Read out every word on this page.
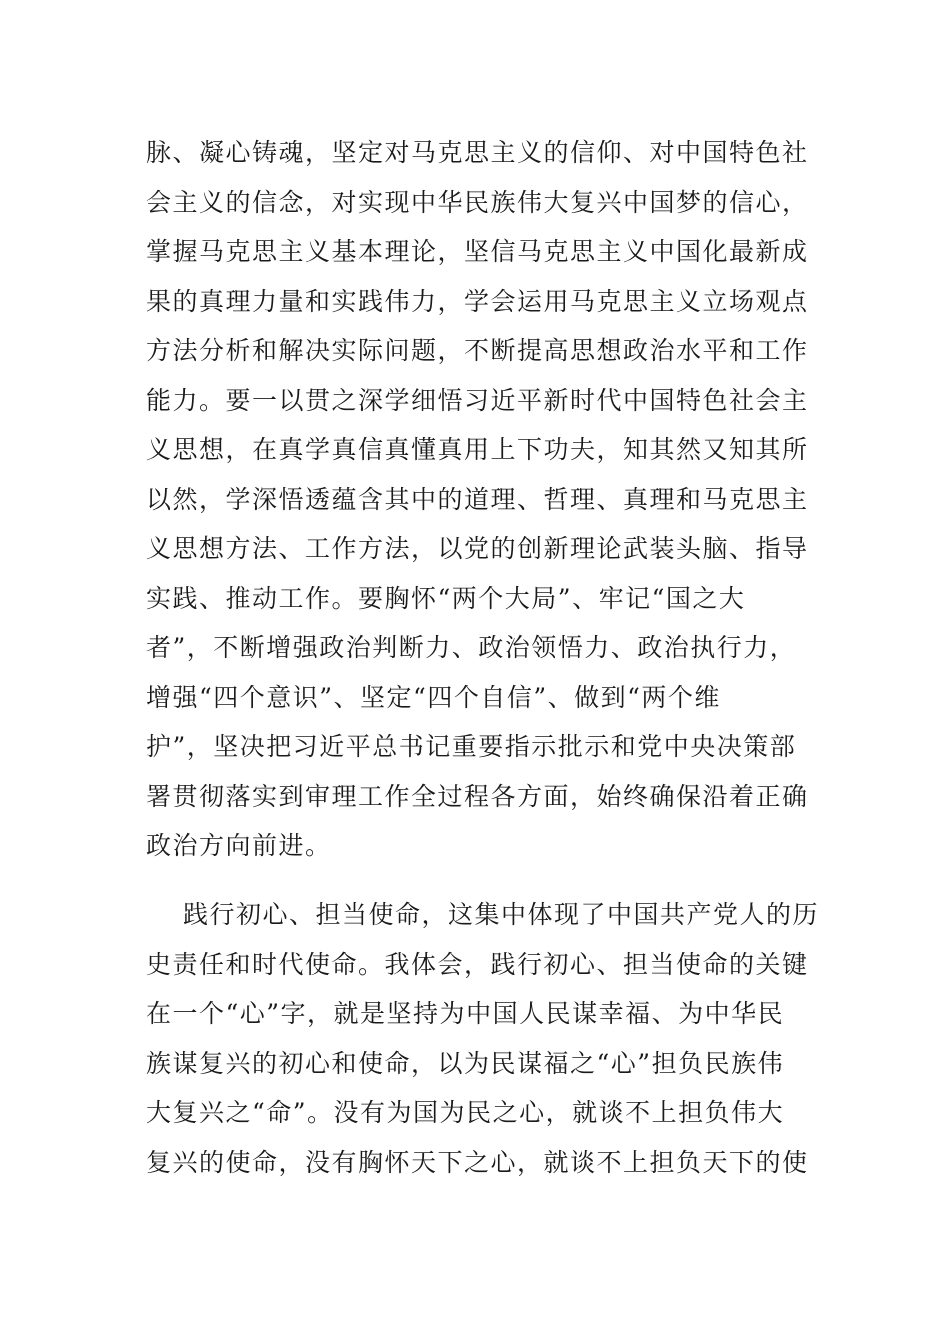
脉、凝心铸魂，坚定对马克思主义的信仰、对中国特色社
会主义的信念，对实现中华民族伟大复兴中国梦的信心，
掌握马克思主义基本理论，坚信马克思主义中国化最新成
果的真理力量和实践伟力，学会运用马克思主义立场观点
方法分析和解决实际问题，不断提高思想政治水平和工作
能力。要一以贯之深学细悟习近平新时代中国特色社会主
义思想，在真学真信真懂真用上下功夫，知其然又知其所
以然，学深悟透蕴含其中的道理、哲理、真理和马克思主
义思想方法、工作方法，以党的创新理论武装头脑、指导
实践、推动工作。要胸怀“两个大局”、牢记“国之大
者”，不断增强政治判断力、政治领悟力、政治执行力，
增强“四个意识”、坚定“四个自信”、做到“两个维
护”，坚决把习近平总书记重要指示批示和党中央决策部
署贯彻落实到审理工作全过程各方面，始终确保沿着正确
政治方向前进。
践行初心、担当使命，这集中体现了中国共产党人的历
史责任和时代使命。我体会，践行初心、担当使命的关键
在一个“心”字，就是坚持为中国人民谋幸福、为中华民
族谋复兴的初心和使命，以为民谋福之“心”担负民族伟
大复兴之“命”。没有为国为民之心，就谈不上担负伟大
复兴的使命，没有胸怀天下之心，就谈不上担负天下的使
